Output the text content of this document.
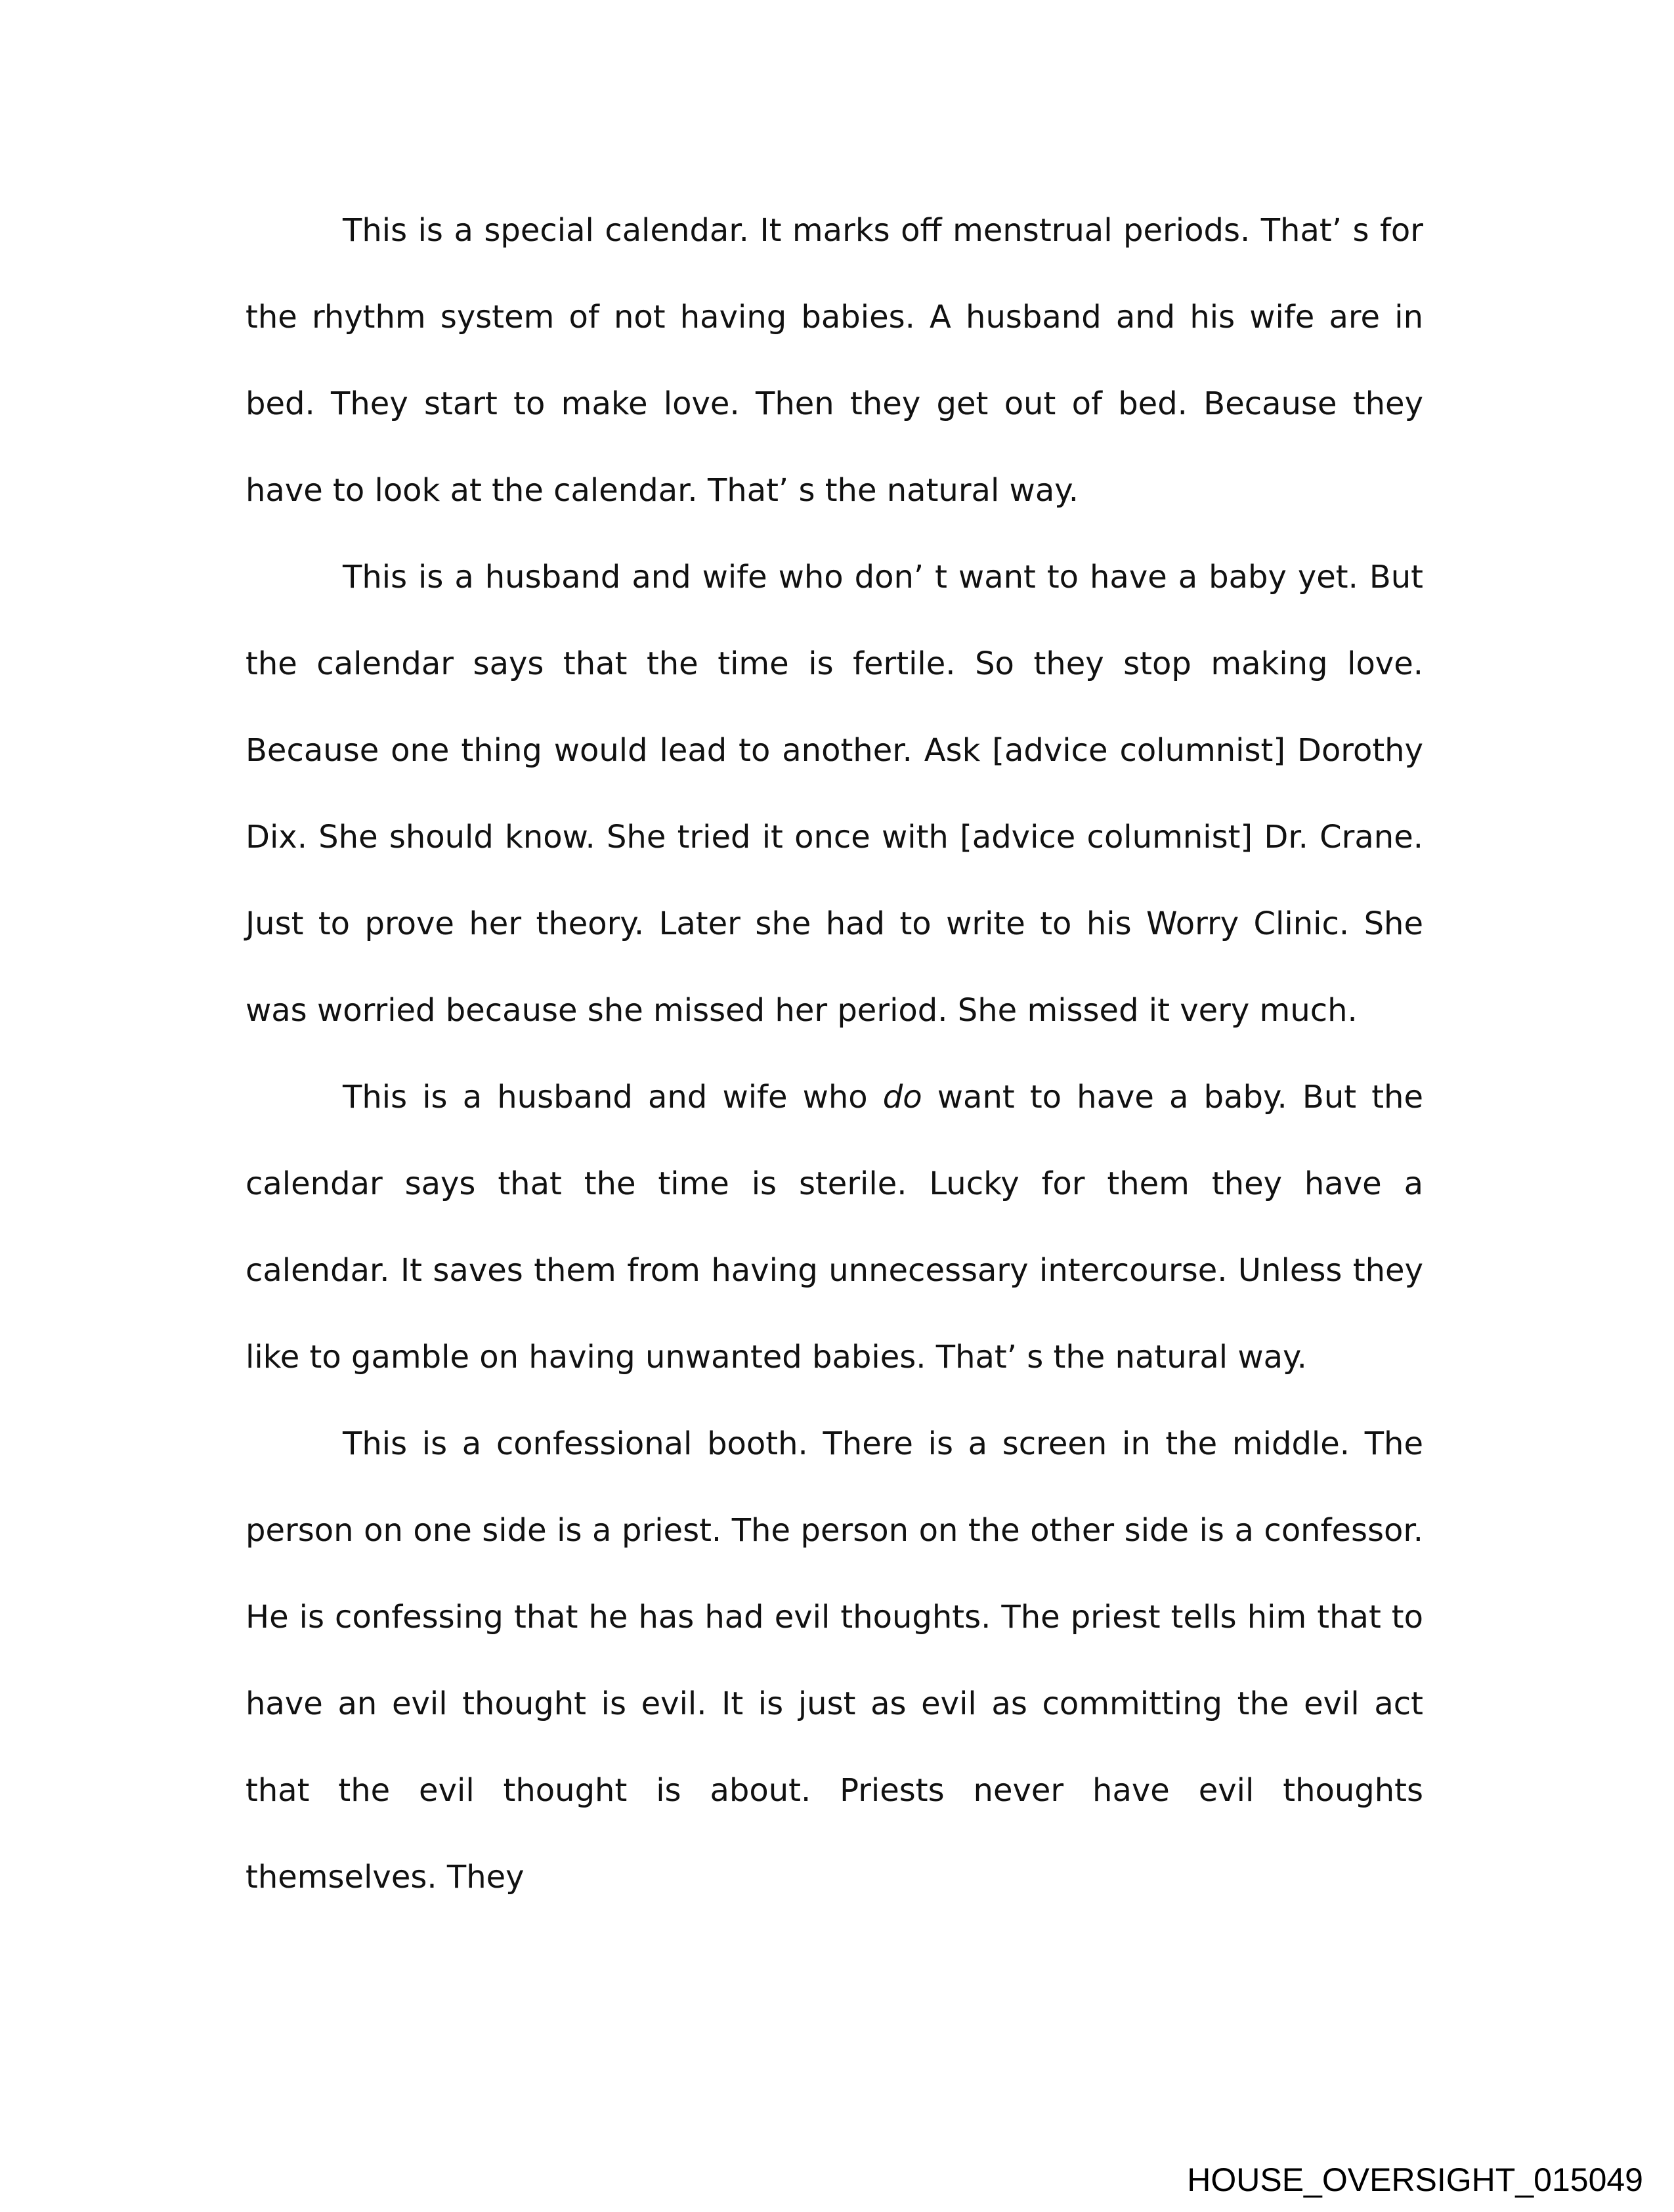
This is a special calendar. It marks off menstrual periods. That’ s for the rhythm system of not having babies. A husband and his wife are in bed. They start to make love. Then they get out of bed. Because they have to look at the calendar. That’ s the natural way.

This is a husband and wife who don’ t want to have a baby yet. But the calendar says that the time is fertile. So they stop making love. Because one thing would lead to another. Ask [advice columnist] Dorothy Dix. She should know. She tried it once with [advice columnist] Dr. Crane. Just to prove her theory. Later she had to write to his Worry Clinic. She was worried because she missed her period. She missed it very much.

This is a husband and wife who do want to have a baby. But the calendar says that the time is sterile. Lucky for them they have a calendar. It saves them from having unnecessary intercourse. Unless they like to gamble on having unwanted babies. That’ s the natural way.

This is a confessional booth. There is a screen in the middle. The person on one side is a priest. The person on the other side is a confessor. He is confessing that he has had evil thoughts. The priest tells him that to have an evil thought is evil. It is just as evil as committing the evil act that the evil thought is about. Priests never have evil thoughts themselves. They

HOUSE_OVERSIGHT_015049
